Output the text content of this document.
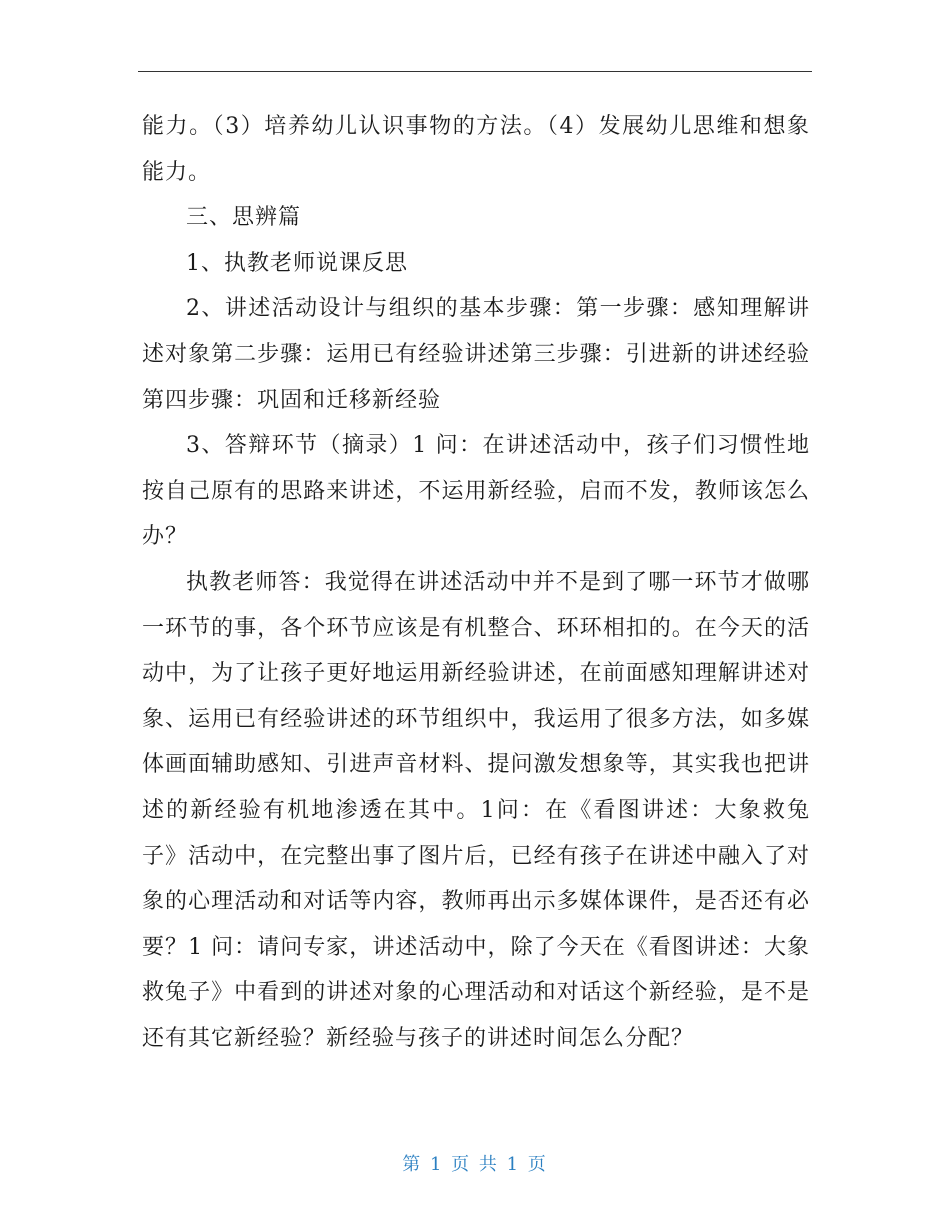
能力。（3）培养幼儿认识事物的方法。（4）发展幼儿思维和想象能力。

三、思辨篇

1、执教老师说课反思

2、讲述活动设计与组织的基本步骤：第一步骤：感知理解讲述对象第二步骤：运用已有经验讲述第三步骤：引进新的讲述经验第四步骤：巩固和迁移新经验

3、答辩环节（摘录）1 问：在讲述活动中，孩子们习惯性地按自己原有的思路来讲述，不运用新经验，启而不发，教师该怎么办？

执教老师答：我觉得在讲述活动中并不是到了哪一环节才做哪一环节的事，各个环节应该是有机整合、环环相扣的。在今天的活动中，为了让孩子更好地运用新经验讲述，在前面感知理解讲述对象、运用已有经验讲述的环节组织中，我运用了很多方法，如多媒体画面辅助感知、引进声音材料、提问激发想象等，其实我也把讲述的新经验有机地渗透在其中。1问：在《看图讲述：大象救兔子》活动中，在完整出事了图片后，已经有孩子在讲述中融入了对象的心理活动和对话等内容，教师再出示多媒体课件，是否还有必要？1 问：请问专家，讲述活动中，除了今天在《看图讲述：大象救兔子》中看到的讲述对象的心理活动和对话这个新经验，是不是还有其它新经验？新经验与孩子的讲述时间怎么分配？

第 1 页 共 1 页
